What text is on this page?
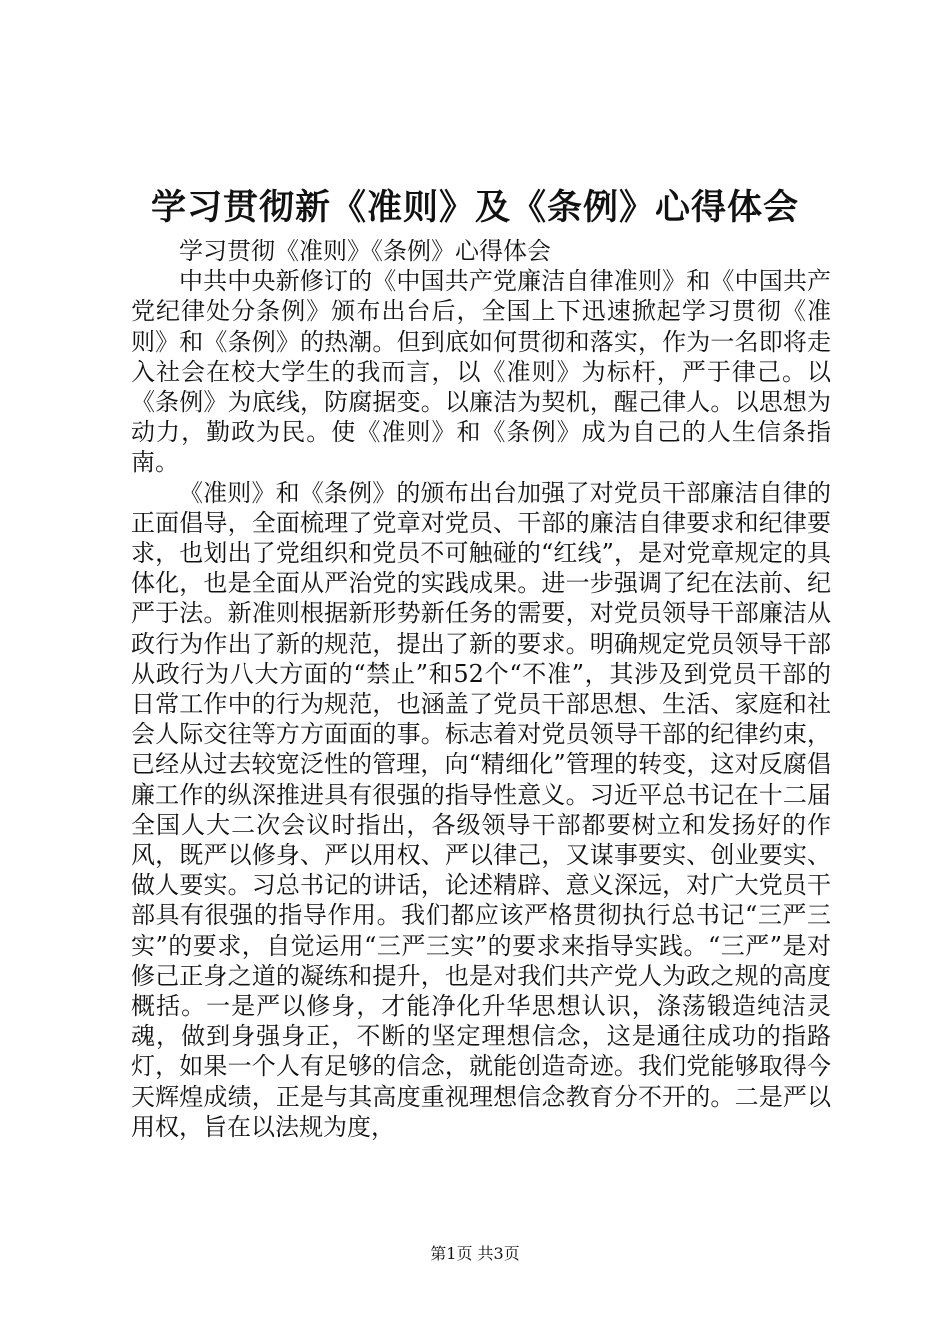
学习贯彻新《准则》及《条例》心得体会

学习贯彻《准则》《条例》心得体会

中共中央新修订的《中国共产党廉洁自律准则》和《中国共产党纪律处分条例》颁布出台后，全国上下迅速掀起学习贯彻《准则》和《条例》的热潮。但到底如何贯彻和落实，作为一名即将走入社会在校大学生的我而言，以《准则》为标杆，严于律己。以《条例》为底线，防腐据变。以廉洁为契机，醒己律人。以思想为动力，勤政为民。使《准则》和《条例》成为自己的人生信条指南。

《准则》和《条例》的颁布出台加强了对党员干部廉洁自律的正面倡导，全面梳理了党章对党员、干部的廉洁自律要求和纪律要求，也划出了党组织和党员不可触碰的“红线”，是对党章规定的具体化，也是全面从严治党的实践成果。进一步强调了纪在法前、纪严于法。新准则根据新形势新任务的需要，对党员领导干部廉洁从政行为作出了新的规范，提出了新的要求。明确规定党员领导干部从政行为八大方面的“禁止”和52个“不准”，其涉及到党员干部的日常工作中的行为规范，也涵盖了党员干部思想、生活、家庭和社会人际交往等方方面面的事。标志着对党员领导干部的纪律约束，已经从过去较宽泛性的管理，向“精细化”管理的转变，这对反腐倡廉工作的纵深推进具有很强的指导性意义。习近平总书记在十二届全国人大二次会议时指出，各级领导干部都要树立和发扬好的作风，既严以修身、严以用权、严以律己，又谋事要实、创业要实、做人要实。习总书记的讲话，论述精辟、意义深远，对广大党员干部具有很强的指导作用。我们都应该严格贯彻执行总书记“三严三实”的要求，自觉运用“三严三实”的要求来指导实践。“三严”是对修己正身之道的凝练和提升，也是对我们共产党人为政之规的高度概括。一是严以修身，才能净化升华思想认识，涤荡锻造纯洁灵魂，做到身强身正，不断的坚定理想信念，这是通往成功的指路灯，如果一个人有足够的信念，就能创造奇迹。我们党能够取得今天辉煌成绩，正是与其高度重视理想信念教育分不开的。二是严以用权，旨在以法规为度，

第1页 共3页
